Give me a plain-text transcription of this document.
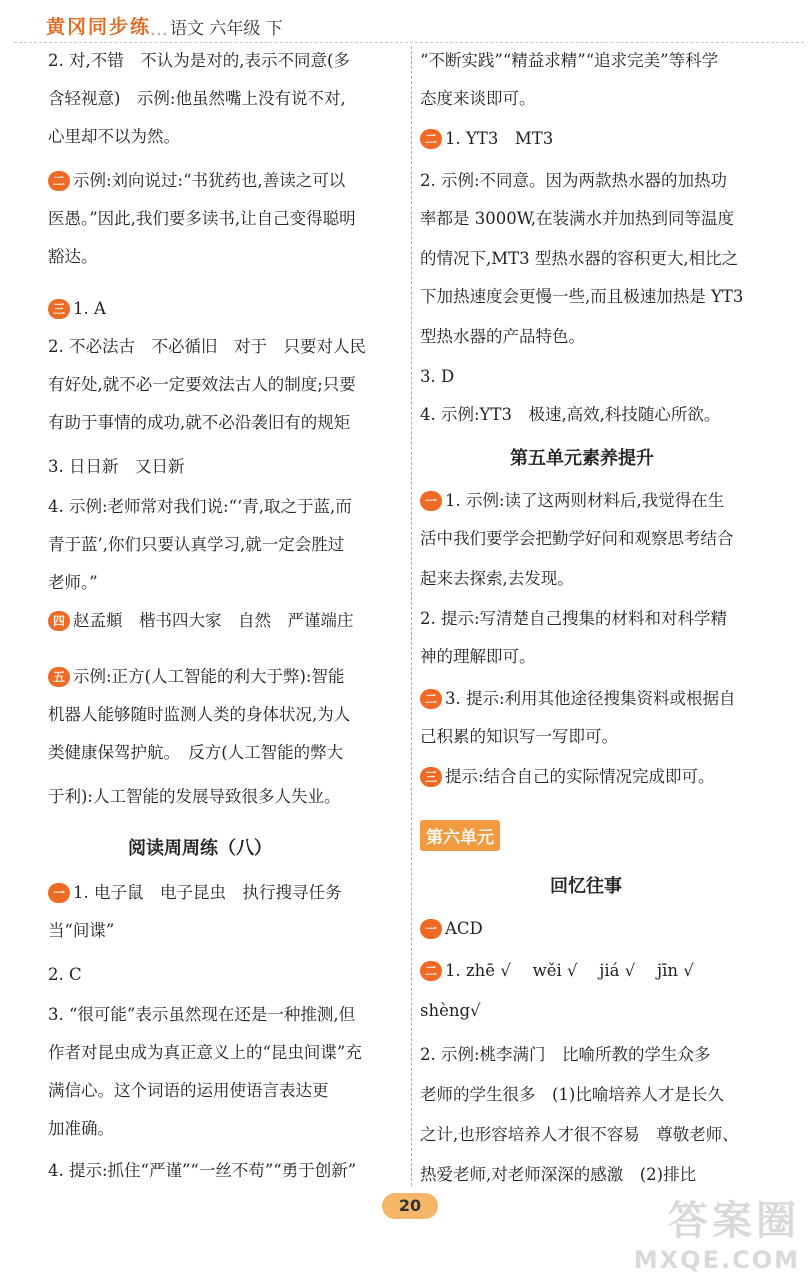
黄冈同步练
••• 语文 六年级 下
2. 对,不错　不认为是对的,表示不同意(多
含轻视意)　示例:他虽然嘴上没有说不对,
心里却不以为然。
二 示例:刘向说过:“书犹药也,善读之可以
医愚。”因此,我们要多读书,让自己变得聪明
豁达。
三 1. A
2. 不必法古　不必循旧　对于　只要对人民
有好处,就不必一定要效法古人的制度;只要
有助于事情的成功,就不必沿袭旧有的规矩
3. 日日新　又日新
4. 示例:老师常对我们说:“‘青,取之于蓝,而
青于蓝’,你们只要认真学习,就一定会胜过
老师。”
四 赵孟頫　楷书四大家　自然　严谨端庄
五 示例:正方(人工智能的利大于弊):智能
机器人能够随时监测人类的身体状况,为人
类健康保驾护航。　反方(人工智能的弊大
于利):人工智能的发展导致很多人失业。
阅读周周练（八）
一 1. 电子鼠　电子昆虫　执行搜寻任务
当“间谍”
2. C
3. “很可能”表示虽然现在还是一种推测,但
作者对昆虫成为真正意义上的“昆虫间谍”充
满信心。这个词语的运用使语言表达更
加准确。
4. 提示:抓住“严谨”“一丝不苟”“勇于创新”
“不断实践”“精益求精”“追求完美”等科学
态度来谈即可。
二 1. YT3　MT3
2. 示例:不同意。因为两款热水器的加热功
率都是 3000W,在装满水并加热到同等温度
的情况下,MT3 型热水器的容积更大,相比之
下加热速度会更慢一些,而且极速加热是 YT3
型热水器的产品特色。
3. D
4. 示例:YT3　极速,高效,科技随心所欲。
第五单元素养提升
一 1. 示例:读了这两则材料后,我觉得在生
活中我们要学会把勤学好问和观察思考结合
起来去探索,去发现。
2. 提示:写清楚自己搜集的材料和对科学精
神的理解即可。
二 3. 提示:利用其他途径搜集资料或根据自
己积累的知识写一写即可。
三 提示:结合自己的实际情况完成即可。
第六单元
回忆往事
一 ACD
二 1. zhē √　 wěi √　 jiá √　 jīn √
shèng√
2. 示例:桃李满门　比喻所教的学生众多
老师的学生很多　(1)比喻培养人才是长久
之计,也形容培养人才很不容易　尊敬老师、
热爱老师,对老师深深的感激　(2)排比
20	答案圈
MXQE.COM
